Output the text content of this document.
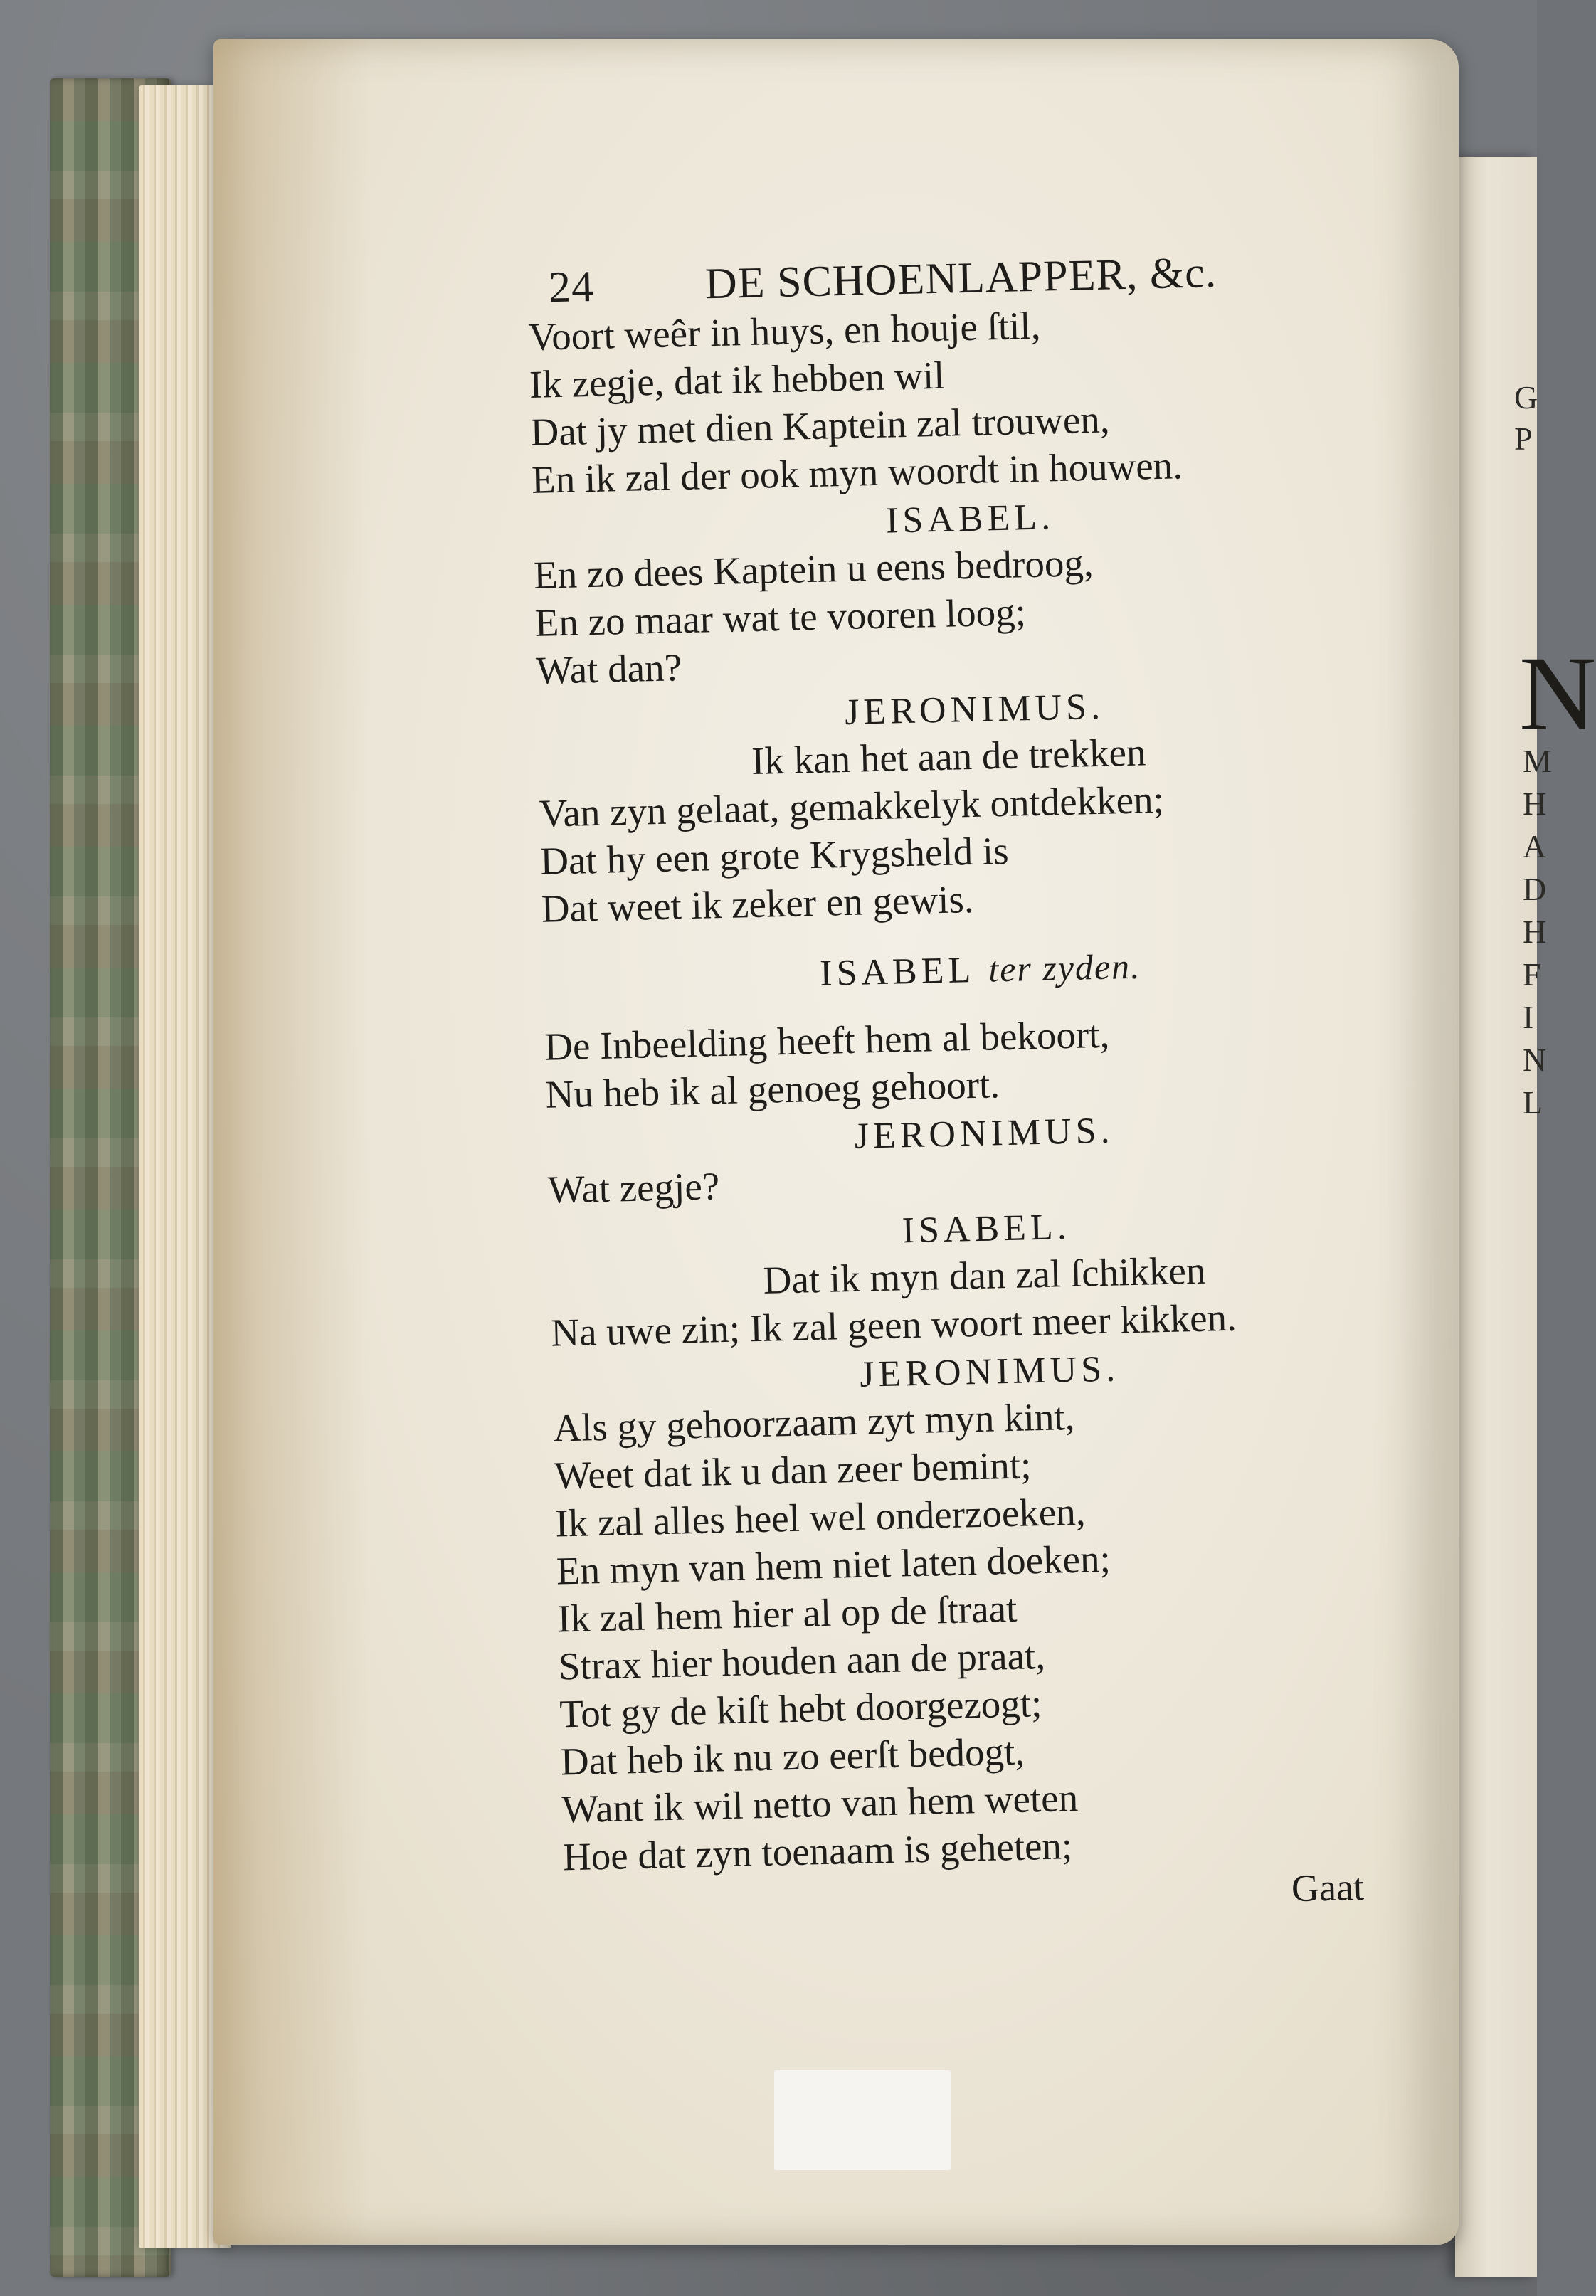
G
P
N
M
H
A
D
H
F
I
N
L
24 DE SCHOENLAPPER, &c.
Voort weêr in huys, en houje ſtil,
Ik zegje, dat ik hebben wil
Dat jy met dien Kaptein zal trouwen,
En ik zal der ook myn woordt in houwen.
ISABEL.
En zo dees Kaptein u eens bedroog,
En zo maar wat te vooren loog;
Wat dan?
JERONIMUS.
Ik kan het aan de trekken
Van zyn gelaat, gemakkelyk ontdekken;
Dat hy een grote Krygsheld is
Dat weet ik zeker en gewis.
ISABEL ter zyden.
De Inbeelding heeft hem al bekoort,
Nu heb ik al genoeg gehoort.
JERONIMUS.
Wat zegje?
ISABEL.
Dat ik myn dan zal ſchikken
Na uwe zin; Ik zal geen woort meer kikken.
JERONIMUS.
Als gy gehoorzaam zyt myn kint,
Weet dat ik u dan zeer bemint;
Ik zal alles heel wel onderzoeken,
En myn van hem niet laten doeken;
Ik zal hem hier al op de ſtraat
Strax hier houden aan de praat,
Tot gy de kiſt hebt doorgezogt;
Dat heb ik nu zo eerſt bedogt,
Want ik wil netto van hem weten
Hoe dat zyn toenaam is geheten;
Gaat
